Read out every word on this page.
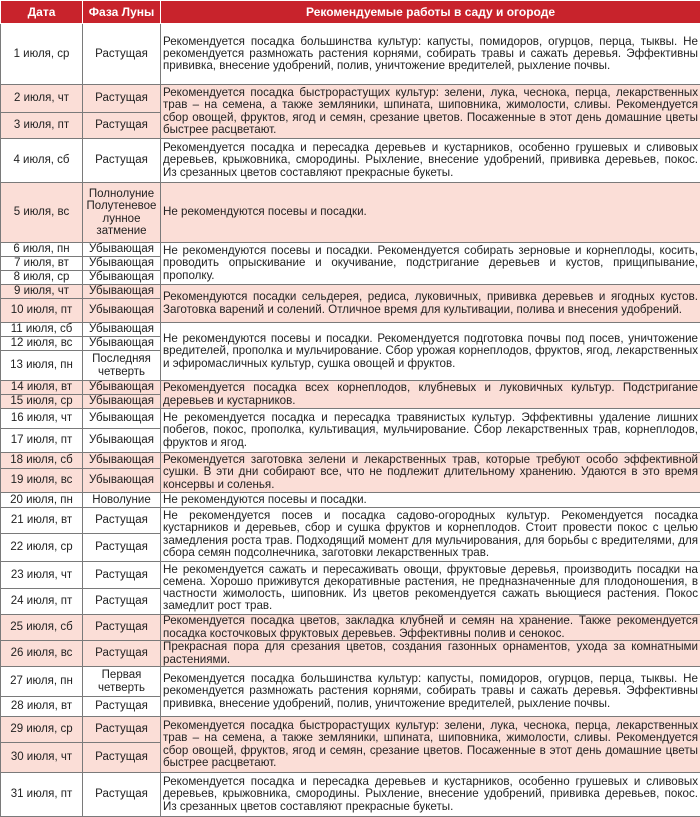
Дата	Фаза Луны	Рекомендуемые работы в саду и огороде
1 июля, ср	Растущая	Рекомендуется посадка большинства культур: капусты, помидоров, огурцов, перца, тыквы. Не рекомендуется размножать растения корнями, собирать травы и сажать деревья. Эффективны прививка, внесение удобрений, полив, уничтожение вредителей, рыхление почвы.
2 июля, чт	Растущая	Рекомендуется посадка быстрорастущих культур: зелени, лука, чеснока, перца, лекарственных трав – на семена, а также земляники, шпината, шиповника, жимолости, сливы. Рекомендуется сбор овощей, фруктов, ягод и семян, срезание цветов. Посаженные в этот день домашние цветы быстрее расцветают.
3 июля, пт	Растущая	
4 июля, сб	Растущая	Рекомендуется посадка и пересадка деревьев и кустарников, особенно грушевых и сливовых деревьев, крыжовника, смородины. Рыхление, внесение удобрений, прививка деревьев, покос. Из срезанных цветов составляют прекрасные букеты.
5 июля, вс	Полнолуние Полутеневое лунное затмение	Не рекомендуются посевы и посадки.
6 июля, пн	Убывающая	Не рекомендуются посевы и посадки. Рекомендуется собирать зерновые и корнеплоды, косить, проводить опрыскивание и окучивание, подстригание деревьев и кустов, прищипывание, прополку.
7 июля, вт	Убывающая	
8 июля, ср	Убывающая	
9 июля, чт	Убывающая	Рекомендуются посадки сельдерея, редиса, луковичных, прививка деревьев и ягодных кустов. Заготовка варений и солений. Отличное время для культивации, полива и внесения удобрений.
10 июля, пт	Убывающая	
11 июля, сб	Убывающая	Не рекомендуются посевы и посадки. Рекомендуется подготовка почвы под посев, уничтожение вредителей, прополка и мульчирование. Сбор урожая корнеплодов, фруктов, ягод, лекарственных и эфиромасличных культур, сушка овощей и фруктов.
12 июля, вс	Убывающая	
13 июля, пн	Последняя четверть	
14 июля, вт	Убывающая	Рекомендуется посадка всех корнеплодов, клубневых и луковичных культур. Подстригание деревьев и кустарников.
15 июля, ср	Убывающая	
16 июля, чт	Убывающая	Не рекомендуется посадка и пересадка травянистых культур. Эффективны удаление лишних побегов, покос, прополка, культивация, мульчирование. Сбор лекарственных трав, корнеплодов, фруктов и ягод.
17 июля, пт	Убывающая	
18 июля, сб	Убывающая	Рекомендуется заготовка зелени и лекарственных трав, которые требуют особо эффективной сушки. В эти дни собирают все, что не подлежит длительному хранению. Удаются в это время консервы и соленья.
19 июля, вс	Убывающая	
20 июля, пн	Новолуние	Не рекомендуются посевы и посадки.
21 июля, вт	Растущая	Не рекомендуется посев и посадка садово-огородных культур. Рекомендуется посадка кустарников и деревьев, сбор и сушка фруктов и корнеплодов. Стоит провести покос с целью замедления роста трав. Подходящий момент для мульчирования, для борьбы с вредителями, для сбора семян подсолнечника, заготовки лекарственных трав.
22 июля, ср	Растущая	
23 июля, чт	Растущая	Не рекомендуется сажать и пересаживать овощи, фруктовые деревья, производить посадки на семена. Хорошо приживутся декоративные растения, не предназначенные для плодоношения, в частности жимолость, шиповник. Из цветов рекомендуется сажать вьющиеся растения. Покос замедлит рост трав.
24 июля, пт	Растущая	
25 июля, сб	Растущая	Рекомендуется посадка цветов, закладка клубней и семян на хранение. Также рекомендуется посадка косточковых фруктовых деревьев. Эффективны полив и сенокос.
26 июля, вс	Растущая	Прекрасная пора для срезания цветов, создания газонных орнаментов, ухода за комнатными растениями.
27 июля, пн	Первая четверть	Рекомендуется посадка большинства культур: капусты, помидоров, огурцов, перца, тыквы. Не рекомендуется размножать растения корнями, собирать травы и сажать деревья. Эффективны прививка, внесение удобрений, полив, уничтожение вредителей, рыхление почвы.
28 июля, вт	Растущая	
29 июля, ср	Растущая	Рекомендуется посадка быстрорастущих культур: зелени, лука, чеснока, перца, лекарственных трав – на семена, а также земляники, шпината, шиповника, жимолости, сливы. Рекомендуется сбор овощей, фруктов, ягод и семян, срезание цветов. Посаженные в этот день домашние цветы быстрее расцветают.
30 июля, чт	Растущая	
31 июля, пт	Растущая	Рекомендуется посадка и пересадка деревьев и кустарников, особенно грушевых и сливовых деревьев, крыжовника, смородины. Рыхление, внесение удобрений, прививка деревьев, покос. Из срезанных цветов составляют прекрасные букеты.
